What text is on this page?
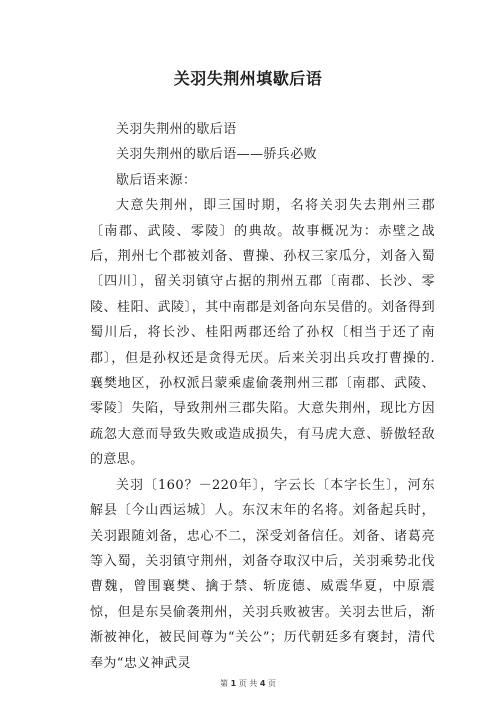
关羽失荆州填歇后语

关羽失荆州的歇后语

关羽失荆州的歇后语——骄兵必败

歇后语来源：

大意失荆州，即三国时期，名将关羽失去荆州三郡〔南郡、武陵、零陵〕的典故。故事概况为：赤壁之战后，荆州七个郡被刘备、曹操、孙权三家瓜分，刘备入蜀〔四川〕，留关羽镇守占据的荆州五郡〔南郡、长沙、零陵、桂阳、武陵〕，其中南郡是刘备向东吴借的。刘备得到蜀川后，将长沙、桂阳两郡还给了孙权〔相当于还了南郡〕，但是孙权还是贪得无厌。后来关羽出兵攻打曹操的.襄樊地区，孙权派吕蒙乘虚偷袭荆州三郡〔南郡、武陵、零陵〕失陷，导致荆州三郡失陷。大意失荆州，现比方因疏忽大意而导致失败或造成损失，有马虎大意、骄傲轻敌的意思。

关羽〔160？－220年〕，字云长〔本字长生〕，河东解县〔今山西运城〕人。东汉末年的名将。刘备起兵时，关羽跟随刘备，忠心不二，深受刘备信任。刘备、诸葛亮等入蜀，关羽镇守荆州，刘备夺取汉中后，关羽乘势北伐曹魏，曾围襄樊、擒于禁、斩庞德、威震华夏，中原震惊，但是东吴偷袭荆州，关羽兵败被害。关羽去世后，渐渐被神化，被民间尊为“关公”；历代朝廷多有褒封，清代奉为“忠义神武灵

第 1 页 共 4 页
